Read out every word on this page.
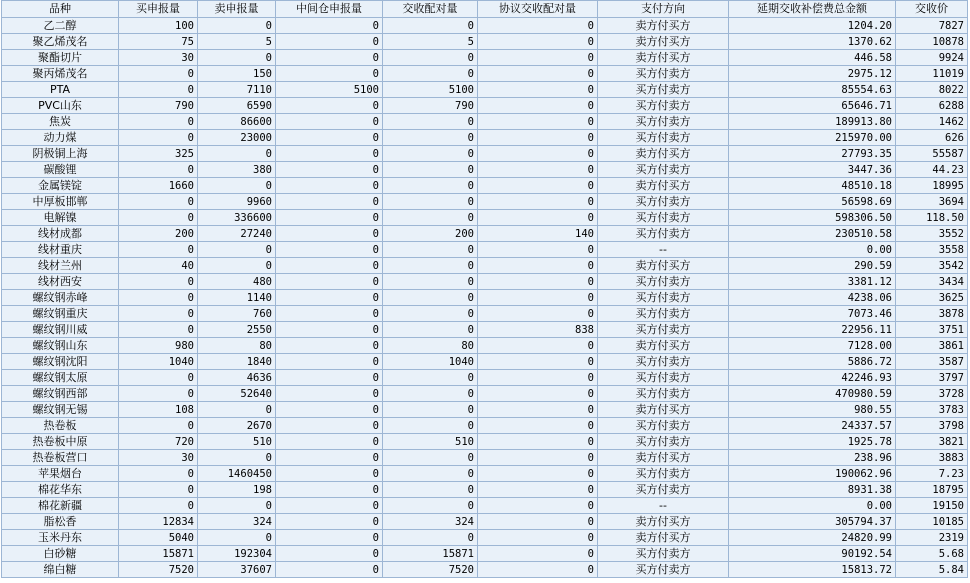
品种	买申报量	卖申报量	中间仓申报量	交收配对量	协议交收配对量	支付方向	延期交收补偿费总金额	交收价
乙二醇	100	0	0	0	0	卖方付买方	1204.20	7827
聚乙烯茂名	75	5	0	5	0	卖方付买方	1370.62	10878
聚酯切片	30	0	0	0	0	卖方付买方	446.58	9924
聚丙烯茂名	0	150	0	0	0	买方付卖方	2975.12	11019
PTA	0	7110	5100	5100	0	买方付卖方	85554.63	8022
PVC山东	790	6590	0	790	0	买方付卖方	65646.71	6288
焦炭	0	86600	0	0	0	买方付卖方	189913.80	1462
动力煤	0	23000	0	0	0	买方付卖方	215970.00	626
阴极铜上海	325	0	0	0	0	卖方付买方	27793.35	55587
碳酸锂	0	380	0	0	0	买方付卖方	3447.36	44.23
金属镁锭	1660	0	0	0	0	卖方付买方	48510.18	18995
中厚板邯郸	0	9960	0	0	0	买方付卖方	56598.69	3694
电解镍	0	336600	0	0	0	买方付卖方	598306.50	118.50
线材成都	200	27240	0	200	140	买方付卖方	230510.58	3552
线材重庆	0	0	0	0	0	--	0.00	3558
线材兰州	40	0	0	0	0	卖方付买方	290.59	3542
线材西安	0	480	0	0	0	买方付卖方	3381.12	3434
螺纹钢赤峰	0	1140	0	0	0	买方付卖方	4238.06	3625
螺纹钢重庆	0	760	0	0	0	买方付卖方	7073.46	3878
螺纹钢川威	0	2550	0	0	838	买方付卖方	22956.11	3751
螺纹钢山东	980	80	0	80	0	卖方付买方	7128.00	3861
螺纹钢沈阳	1040	1840	0	1040	0	买方付卖方	5886.72	3587
螺纹钢太原	0	4636	0	0	0	买方付卖方	42246.93	3797
螺纹钢西部	0	52640	0	0	0	买方付卖方	470980.59	3728
螺纹钢无锡	108	0	0	0	0	卖方付买方	980.55	3783
热卷板	0	2670	0	0	0	买方付卖方	24337.57	3798
热卷板中原	720	510	0	510	0	买方付卖方	1925.78	3821
热卷板营口	30	0	0	0	0	卖方付买方	238.96	3883
苹果烟台	0	1460450	0	0	0	买方付卖方	190062.96	7.23
棉花华东	0	198	0	0	0	买方付卖方	8931.38	18795
棉花新疆	0	0	0	0	0	--	0.00	19150
脂松香	12834	324	0	324	0	卖方付买方	305794.37	10185
玉米丹东	5040	0	0	0	0	卖方付买方	24820.99	2319
白砂糖	15871	192304	0	15871	0	买方付卖方	90192.54	5.68
绵白糖	7520	37607	0	7520	0	买方付卖方	15813.72	5.84
